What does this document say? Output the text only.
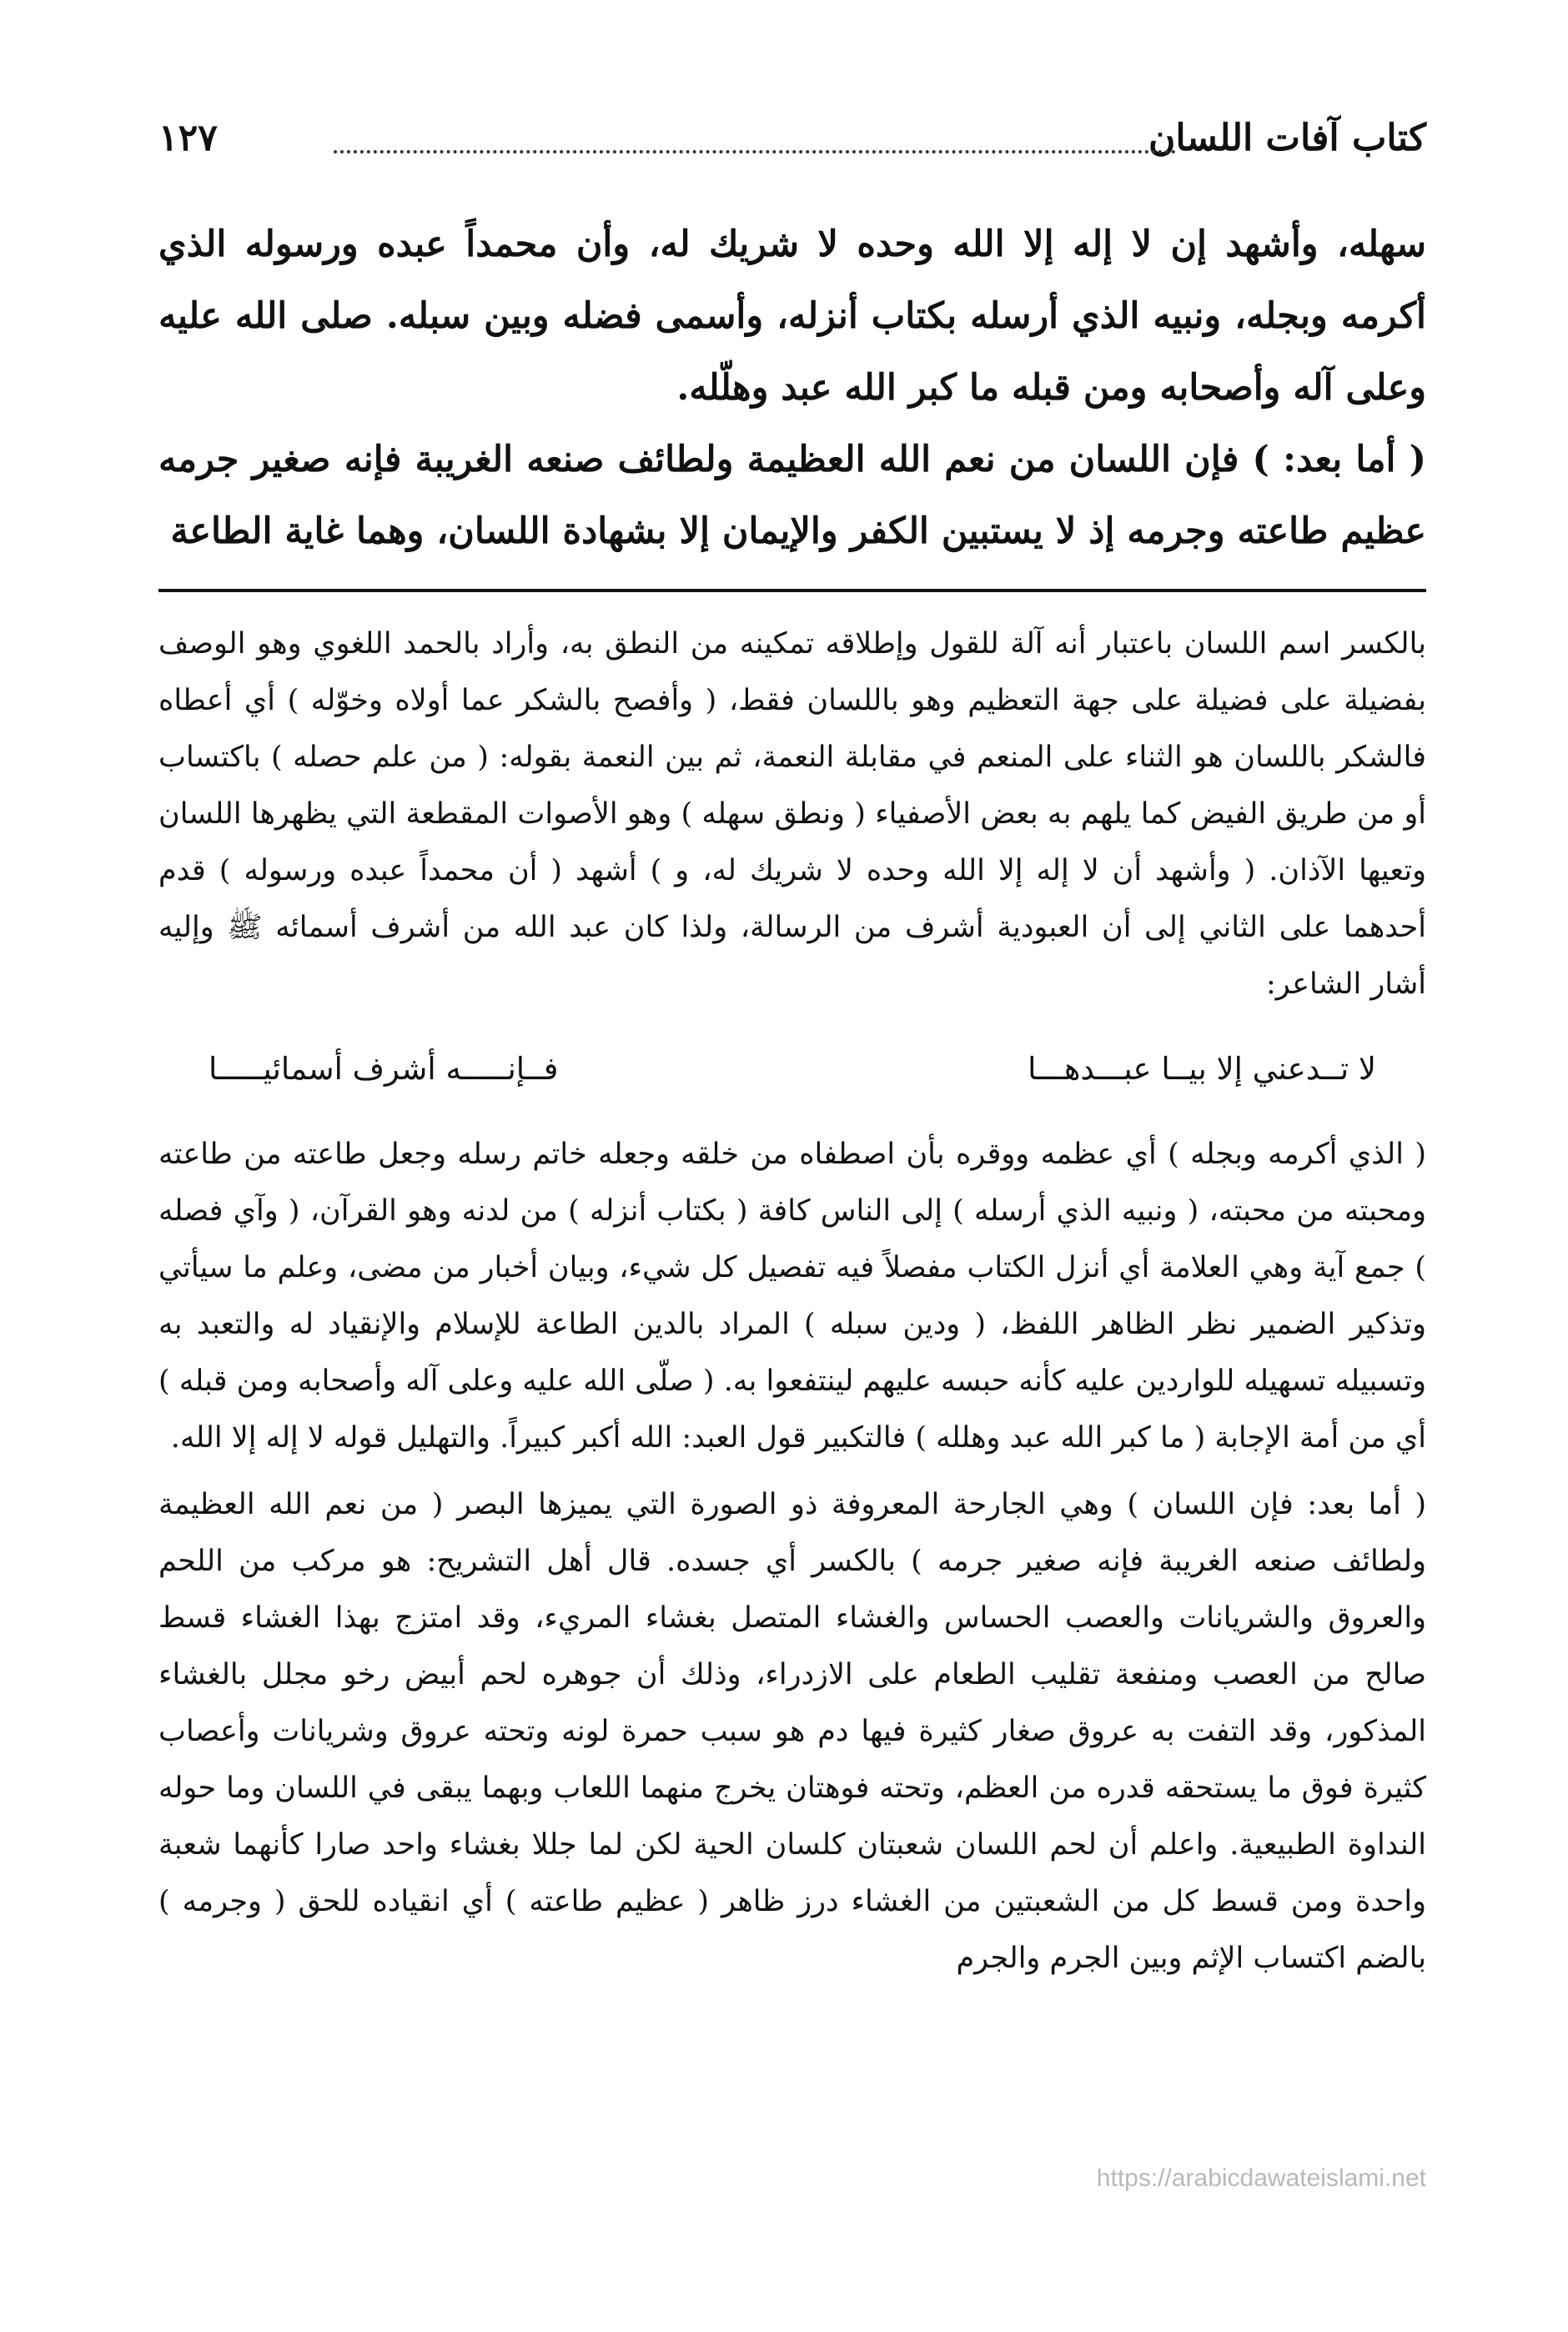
كتاب آفات اللسان
١٢٧

سهله، وأشهد إن لا إله إلا الله وحده لا شريك له، وأن محمداً عبده ورسوله الذي أكرمه وبجله، ونبيه الذي أرسله بكتاب أنزله، وأسمى فضله وبين سبله. صلى الله عليه وعلى آله وأصحابه ومن قبله ما كبر الله عبد وهلّله.

( أما بعد: ) فإن اللسان من نعم الله العظيمة ولطائف صنعه الغريبة فإنه صغير جرمه عظيم طاعته وجرمه إذ لا يستبين الكفر والإيمان إلا بشهادة اللسان، وهما غاية الطاعة

بالكسر اسم اللسان باعتبار أنه آلة للقول وإطلاقه تمكينه من النطق به، وأراد بالحمد اللغوي وهو الوصف بفضيلة على فضيلة على جهة التعظيم وهو باللسان فقط، ( وأفصح بالشكر عما أولاه وخوّله ) أي أعطاه فالشكر باللسان هو الثناء على المنعم في مقابلة النعمة، ثم بين النعمة بقوله: ( من علم حصله ) باكتساب أو من طريق الفيض كما يلهم به بعض الأصفياء ( ونطق سهله ) وهو الأصوات المقطعة التي يظهرها اللسان وتعيها الآذان. ( وأشهد أن لا إله إلا الله وحده لا شريك له، و ) أشهد ( أن محمداً عبده ورسوله ) قدم أحدهما على الثاني إلى أن العبودية أشرف من الرسالة، ولذا كان عبد الله من أشرف أسمائه ﷺ وإليه أشار الشاعر:

لا تــدعني إلا بيــا عبـــدهـــا
فــإنـــــه أشرف أسمائيـــــا

( الذي أكرمه وبجله ) أي عظمه ووقره بأن اصطفاه من خلقه وجعله خاتم رسله وجعل طاعته من طاعته ومحبته من محبته، ( ونبيه الذي أرسله ) إلى الناس كافة ( بكتاب أنزله ) من لدنه وهو القرآن، ( وآي فصله ) جمع آية وهي العلامة أي أنزل الكتاب مفصلاً فيه تفصيل كل شيء، وبيان أخبار من مضى، وعلم ما سيأتي وتذكير الضمير نظر الظاهر اللفظ، ( ودين سبله ) المراد بالدين الطاعة للإسلام والإنقياد له والتعبد به وتسبيله تسهيله للواردين عليه كأنه حبسه عليهم لينتفعوا به. ( صلّى الله عليه وعلى آله وأصحابه ومن قبله ) أي من أمة الإجابة ( ما كبر الله عبد وهلله ) فالتكبير قول العبد: الله أكبر كبيراً. والتهليل قوله لا إله إلا الله.

( أما بعد: فإن اللسان ) وهي الجارحة المعروفة ذو الصورة التي يميزها البصر ( من نعم الله العظيمة ولطائف صنعه الغريبة فإنه صغير جرمه ) بالكسر أي جسده. قال أهل التشريح: هو مركب من اللحم والعروق والشريانات والعصب الحساس والغشاء المتصل بغشاء المريء، وقد امتزج بهذا الغشاء قسط صالح من العصب ومنفعة تقليب الطعام على الازدراء، وذلك أن جوهره لحم أبيض رخو مجلل بالغشاء المذكور، وقد التفت به عروق صغار كثيرة فيها دم هو سبب حمرة لونه وتحته عروق وشريانات وأعصاب كثيرة فوق ما يستحقه قدره من العظم، وتحته فوهتان يخرج منهما اللعاب وبهما يبقى في اللسان وما حوله النداوة الطبيعية. واعلم أن لحم اللسان شعبتان كلسان الحية لكن لما جللا بغشاء واحد صارا كأنهما شعبة واحدة ومن قسط كل من الشعبتين من الغشاء درز ظاهر ( عظيم طاعته ) أي انقياده للحق ( وجرمه ) بالضم اكتساب الإثم وبين الجرم والجرم

https://arabicdawateislami.net
